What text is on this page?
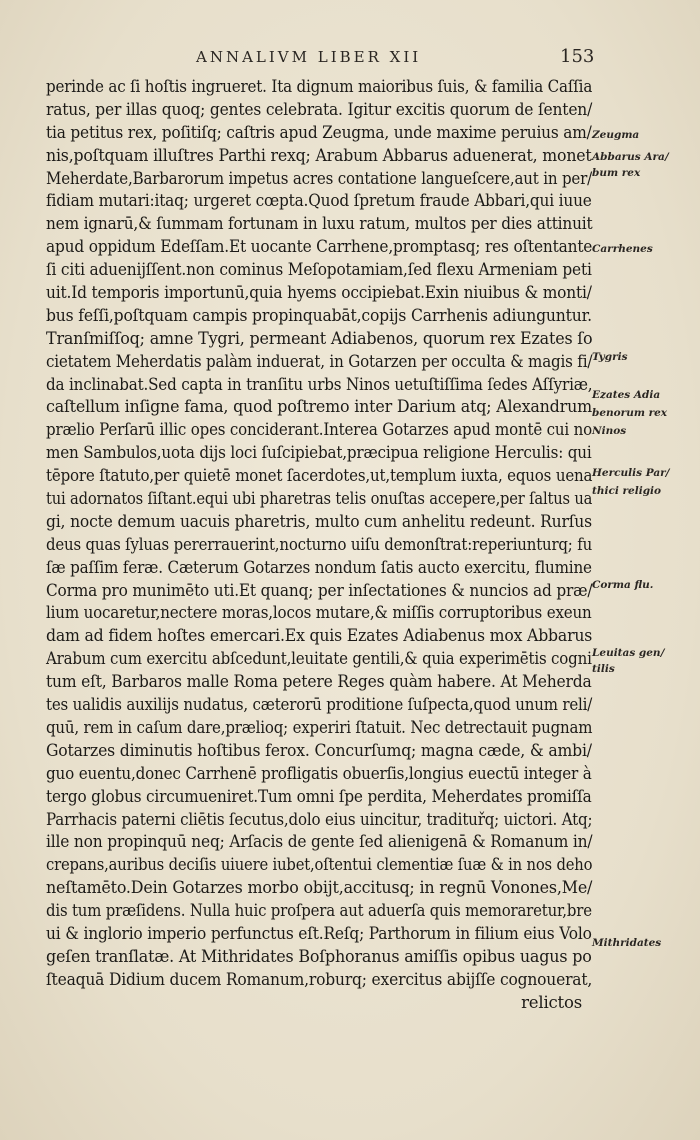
ANNALIVM LIBER XII	153
perinde ac ſi hoſtis ingrueret. Ita dignum maioribus ſuis, & familia Caſſia
ratus, per illas quoq; gentes celebrata. Igitur excitis quorum de ſenten/
tia petitus rex, poſitiſq; caſtris apud Zeugma, unde maxime peruius am/
nis,poſtquam illuſtres Parthi rexq; Arabum Abbarus aduenerat, monet
Meherdate,Barbarorum impetus acres contatione langueſcere,aut in per/
fidiam mutari:itaq; urgeret cœpta.Quod ſpretum fraude Abbari,qui iuue
nem ignarū,& ſummam fortunam in luxu ratum, multos per dies attinuit
apud oppidum Edeſſam.Et uocante Carrhene,promptasq; res oſtentante
ſi citi aduenijſſent.non cominus Meſopotamiam,ſed flexu Armeniam peti
uit.Id temporis importunū,quia hyems occipiebat.Exin niuibus & monti/
bus feſſi,poſtquam campis propinquabāt,copijs Carrhenis adiunguntur.
Tranſmiſſoq; amne Tygri, permeant Adiabenos, quorum rex Ezates ſo
cietatem Meherdatis palàm induerat, in Gotarzen per occulta & magis fi/
da inclinabat.Sed capta in tranſitu urbs Ninos uetuſtiſſima ſedes Aſſyriæ,
caſtellum inſigne fama, quod poſtremo inter Darium atq; Alexandrum
prælio Perſarū illic opes conciderant.Interea Gotarzes apud montē cui no
men Sambulos,uota dijs loci ſuſcipiebat,præcipua religione Herculis: qui
tēpore ſtatuto,per quietē monet ſacerdotes,ut,templum iuxta, equos uena
tui adornatos ſiſtant.equi ubi pharetras telis onuſtas accepere,per ſaltus ua
gi, nocte demum uacuis pharetris, multo cum anhelitu redeunt. Rurſus
deus quas ſyluas pererrauerint,nocturno uiſu demonſtrat:reperiunturq; fu
ſæ paſſim feræ. Cæterum Gotarzes nondum ſatis aucto exercitu, flumine
Corma pro munimēto uti.Et quanq; per inſectationes & nuncios ad præ/
lium uocaretur,nectere moras,locos mutare,& miſſis corruptoribus exeun
dam ad fidem hoſtes emercari.Ex quis Ezates Adiabenus mox Abbarus
Arabum cum exercitu abſcedunt,leuitate gentili,& quia experimētis cogni
tum eſt, Barbaros malle Roma petere Reges quàm habere. At Meherda
tes ualidis auxilijs nudatus, cæterorū proditione ſuſpecta,quod unum reli/
quū, rem in caſum dare,prælioq; experiri ſtatuit. Nec detrectauit pugnam
Gotarzes diminutis hoſtibus ferox. Concurſumq; magna cæde, & ambi/
guo euentu,donec Carrhenē profligatis obuerſis,longius euectū integer à
tergo globus circumueniret.Tum omni ſpe perdita, Meherdates promiſſa
Parrhacis paterni cliētis ſecutus,dolo eius uincitur, tradituřq; uictori. Atq;
ille non propinquū neq; Arſacis de gente ſed alienigenā & Romanum in/
crepans,auribus deciſis uiuere iubet,oſtentui clementiæ ſuæ & in nos deho
neſtamēto.Dein Gotarzes morbo obijt,accitusq; in regnū Vonones,Me/
dis tum præſidens. Nulla huic proſpera aut aduerſa quis memoraretur,bre
ui & inglorio imperio perfunctus eſt.Reſq; Parthorum in filium eius Volo
geſen tranſlatæ. At Mithridates Boſphoranus amiſſis opibus uagus po
ſteaquā Didium ducem Romanum,roburq; exercitus abijſſe cognouerat,
relictos
Zeugma
Abbarus Ara/
bum rex
Carrhenes
Tygris
Ezates Adia
benorum rex
Ninos
Herculis Par/
thici religio
Corma flu.
Leuitas gen/
tilis
Mithridates
